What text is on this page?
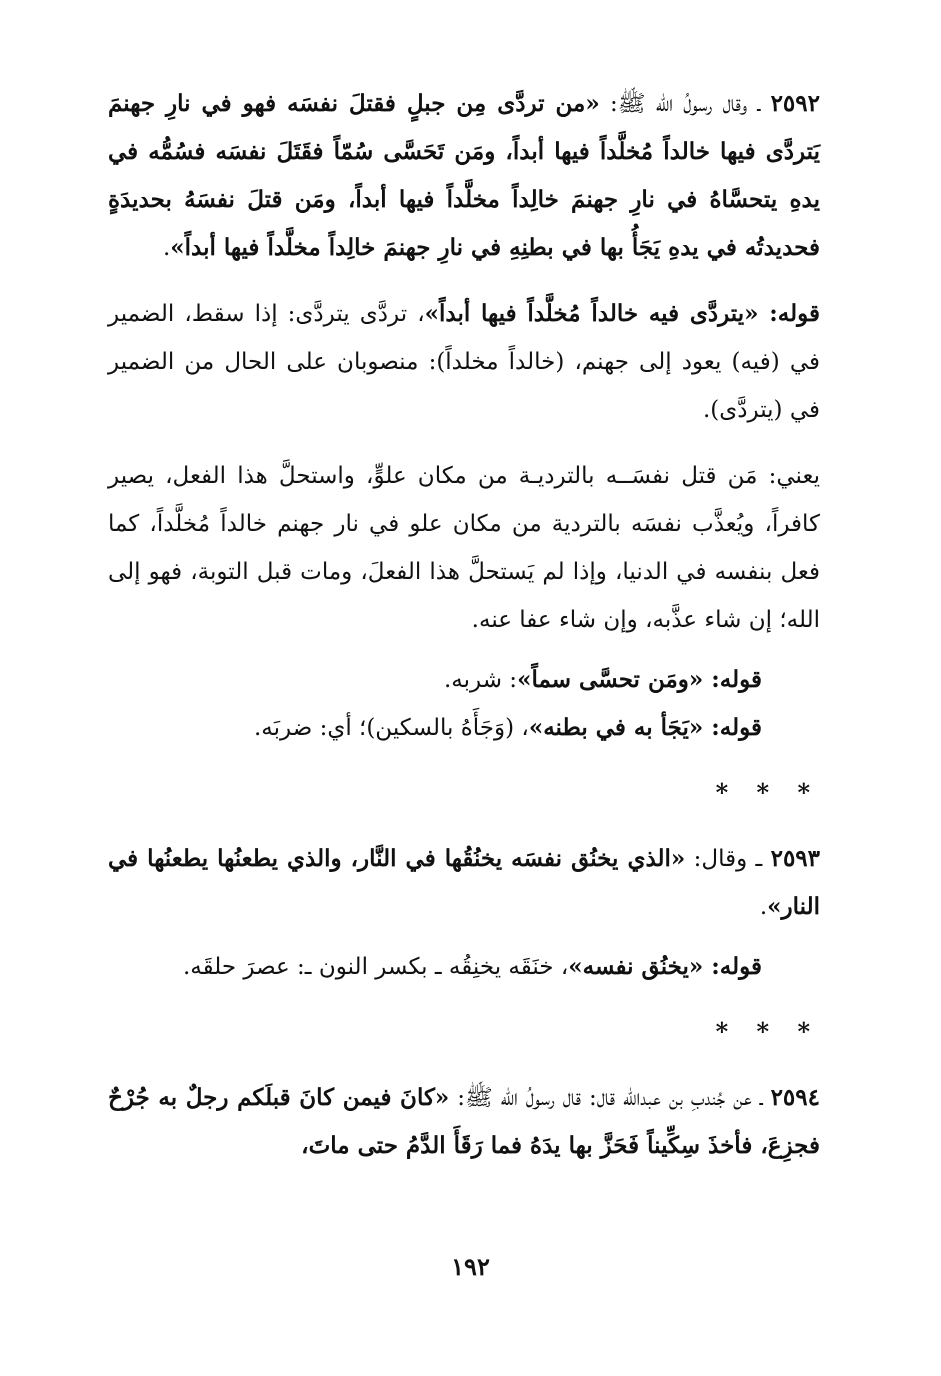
٢٥٩٢ ـ وقال رسولُ الله ﷺ: «من تردَّى مِن جبلٍ فقتلَ نفسَه فهو في نارِ جهنمَ يَتردَّى فيها خالداً مُخلَّداً فيها أبداً، ومَن تَحَسَّى سُمّاً فقَتَلَ نفسَه فسُمُّه في يدهِ يتحسَّاهُ في نارِ جهنمَ خالِداً مخلَّداً فيها أبداً، ومَن قتلَ نفسَهُ بحديدَةٍ فحديدتُه في يدهِ يَجَأُ بها في بطنِهِ في نارِ جهنمَ خالِداً مخلَّداً فيها أبداً».

قوله: «يتردَّى فيه خالداً مُخلَّداً فيها أبداً»، تردَّى يتردَّى: إذا سقط، الضمير في (فيه) يعود إلى جهنم، (خالداً مخلداً): منصوبان على الحال من الضمير في (يتردَّى).

يعني: مَن قتل نفسَــه بالترديـة من مكان علوٍّ، واستحلَّ هذا الفعل، يصير كافراً، ويُعذَّب نفسَه بالتردية من مكان علو في نار جهنم خالداً مُخلَّداً، كما فعل بنفسه في الدنيا، وإذا لم يَستحلَّ هذا الفعلَ، ومات قبل التوبة، فهو إلى الله؛ إن شاء عذَّبه، وإن شاء عفا عنه.

قوله: «ومَن تحسَّى سماً»: شربه.

قوله: «يَجَأ به في بطنه»، (وَجَأَهُ بالسكين)؛ أي: ضربَه.

* * *

٢٥٩٣ ـ وقال: «الذي يخنُق نفسَه يخنُقُها في النَّار، والذي يطعنُها يطعنُها في النار».

قوله: «يخنُق نفسه»، خنَقَه يخنِقُه ـ بكسر النون ـ: عصرَ حلقَه.

* * *

٢٥٩٤ ـ عن جُندبِ بن عبدالله قال: قال رسولُ الله ﷺ: «كانَ فيمن كانَ قبلَكم رجلٌ به جُرْحٌ فجزِعَ، فأخذَ سِكِّيناً فَحَزَّ بها يدَهُ فما رَقَأَ الدَّمُ حتى ماتَ،

١٩٢
